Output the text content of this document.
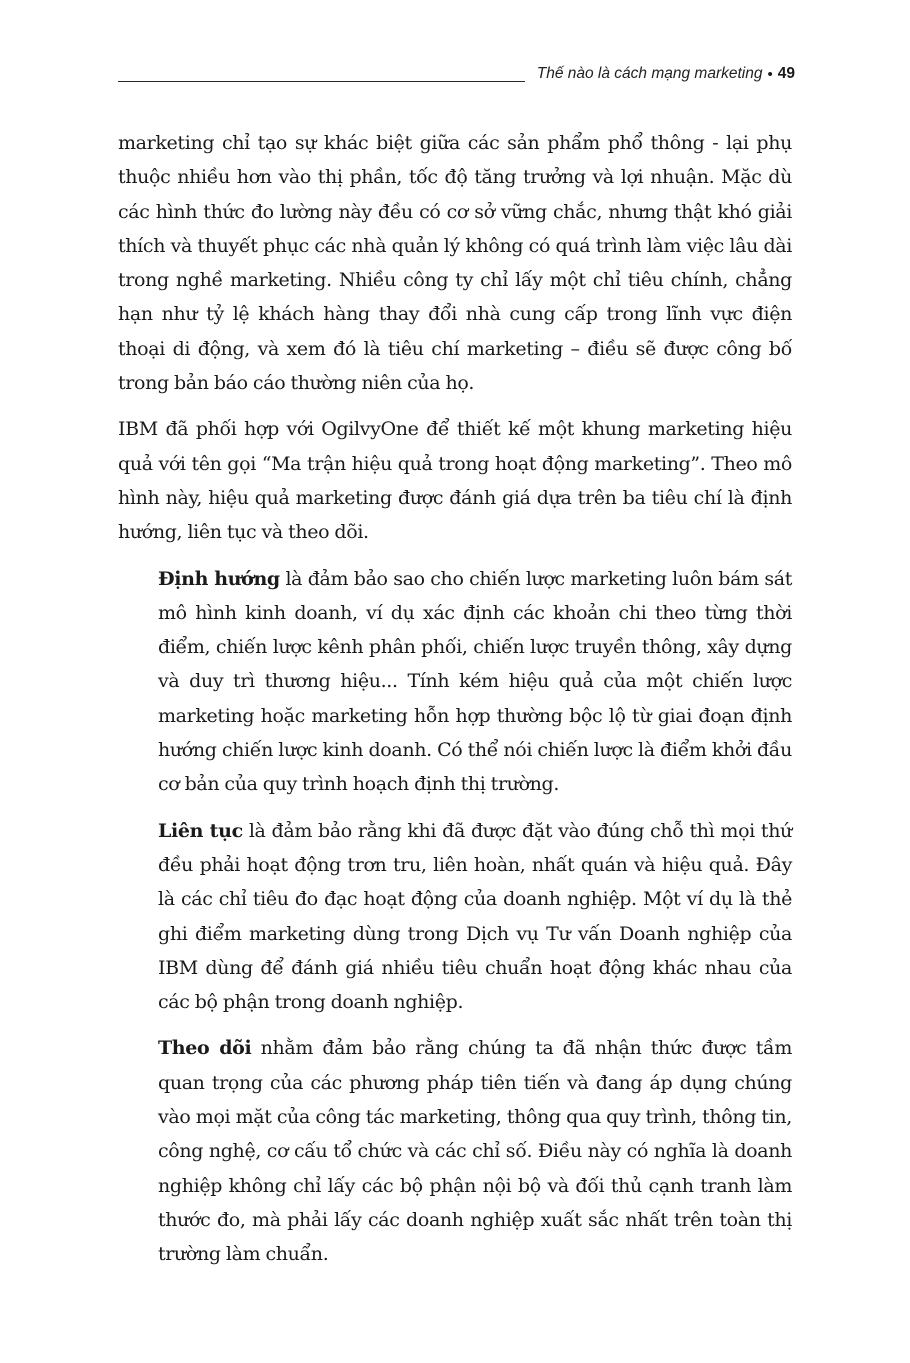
Thế nào là cách mạng marketing • 49

marketing chỉ tạo sự khác biệt giữa các sản phẩm phổ thông - lại phụ thuộc nhiều hơn vào thị phần, tốc độ tăng trưởng và lợi nhuận. Mặc dù các hình thức đo lường này đều có cơ sở vững chắc, nhưng thật khó giải thích và thuyết phục các nhà quản lý không có quá trình làm việc lâu dài trong nghề marketing. Nhiều công ty chỉ lấy một chỉ tiêu chính, chẳng hạn như tỷ lệ khách hàng thay đổi nhà cung cấp trong lĩnh vực điện thoại di động, và xem đó là tiêu chí marketing – điều sẽ được công bố trong bản báo cáo thường niên của họ.

IBM đã phối hợp với OgilvyOne để thiết kế một khung marketing hiệu quả với tên gọi “Ma trận hiệu quả trong hoạt động marketing”. Theo mô hình này, hiệu quả marketing được đánh giá dựa trên ba tiêu chí là định hướng, liên tục và theo dõi.

Định hướng là đảm bảo sao cho chiến lược marketing luôn bám sát mô hình kinh doanh, ví dụ xác định các khoản chi theo từng thời điểm, chiến lược kênh phân phối, chiến lược truyền thông, xây dựng và duy trì thương hiệu... Tính kém hiệu quả của một chiến lược marketing hoặc marketing hỗn hợp thường bộc lộ từ giai đoạn định hướng chiến lược kinh doanh. Có thể nói chiến lược là điểm khởi đầu cơ bản của quy trình hoạch định thị trường.

Liên tục là đảm bảo rằng khi đã được đặt vào đúng chỗ thì mọi thứ đều phải hoạt động trơn tru, liên hoàn, nhất quán và hiệu quả. Đây là các chỉ tiêu đo đạc hoạt động của doanh nghiệp. Một ví dụ là thẻ ghi điểm marketing dùng trong Dịch vụ Tư vấn Doanh nghiệp của IBM dùng để đánh giá nhiều tiêu chuẩn hoạt động khác nhau của các bộ phận trong doanh nghiệp.

Theo dõi nhằm đảm bảo rằng chúng ta đã nhận thức được tầm quan trọng của các phương pháp tiên tiến và đang áp dụng chúng vào mọi mặt của công tác marketing, thông qua quy trình, thông tin, công nghệ, cơ cấu tổ chức và các chỉ số. Điều này có nghĩa là doanh nghiệp không chỉ lấy các bộ phận nội bộ và đối thủ cạnh tranh làm thước đo, mà phải lấy các doanh nghiệp xuất sắc nhất trên toàn thị trường làm chuẩn.
